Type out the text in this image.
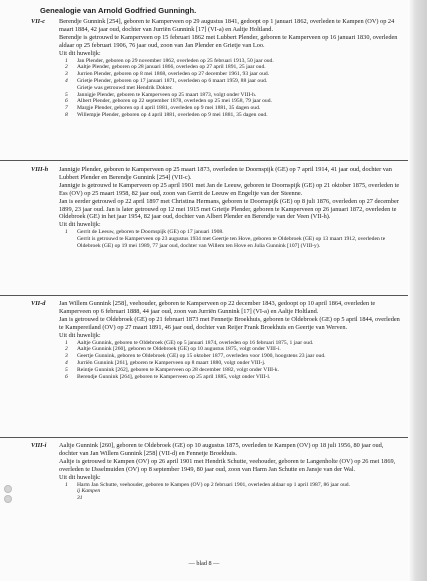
Genealogie van Arnold Godfried Gunningh.
VII-c Berendje Gunnink [254], geboren te Kamperveen op 29 augustus 1841, gedoopt op 1 januari 1862, overleden te Kampen (OV) op 24 maart 1884, 42 jaar oud, dochter van Jurriën Gunnink [17] (VI-a) en Aaltje Holtland.

Berendje is getrouwd te Kamperveen op 15 februari 1862 met Lubbert Plender, geboren te Kamperveen op 16 januari 1830, overleden aldaar op 25 februari 1906, 76 jaar oud, zoon van Jan Plender en Grietje van Loo.

Uit dit huwelijk:

1 Jan Plender, geboren op 29 november 1862, overleden op 25 februari 1913, 50 jaar oud.
2 Aaltje Plender, geboren op 28 januari 1866, overleden op 27 april 1891, 25 jaar oud.
3 Jurrien Plender, geboren op 8 mei 1868, overleden op 27 december 1961, 93 jaar oud.
4 Grietje Plender, geboren op 17 januari 1871, overleden op 6 maart 1959, 88 jaar oud.
Grietje was getrouwd met Hendrik Dokter.
5 Jannigje Plender, geboren te Kamperveen op 25 maart 1873, volgt onder VIII-h.
6 Albert Plender, geboren op 22 september 1878, overleden op 25 mei 1958, 79 jaar oud.
7 Margje Plender, geboren op 4 april 1881, overleden op 9 mei 1881, 35 dagen oud.
8 Willempje Plender, geboren op 4 april 1881, overleden op 9 mei 1881, 35 dagen oud.
VIII-h Jannigje Plender, geboren te Kamperveen op 25 maart 1873, overleden te Doornspijk (GE) op 7 april 1914, 41 jaar oud, dochter van Lubbert Plender en Berendje Gunnink [254] (VII-c).

Jannigje is getrouwd te Kamperveen op 25 april 1901 met Jan de Leeuw, geboren te Doornspijk (GE) op 21 oktober 1875, overleden te Ess (OV) op 25 maart 1958, 82 jaar oud, zoon van Gerrit de Leeuw en Engeltje van der Steenne.

Jan is eerder getrouwd op 22 april 1897 met Christina Hermans, geboren te Doornspijk (GE) op 8 juli 1876, overleden op 27 december 1899, 23 jaar oud. Jan is later getrouwd op 12 mei 1915 met Grietje Plender, geboren te Kamperveen op 26 januari 1872, overleden te Oldebroek (GE) in het jaar 1954, 82 jaar oud, dochter van Albert Plender en Berendje van der Veen (VII-h).

Uit dit huwelijk:

1 Gerrit de Leeuw, geboren te Doornspijk (GE) op 17 januari 1908.
Gerrit is getrouwd te Kamperveen op 23 augustus 1934 met Geertje ten Hove, geboren te Oldebroek (GE) op 13 maart 1912, overleden te Oldebroek (GE) op 19 mei 1989, 77 jaar oud, dochter van Willem ten Hove en Julia Gunnink [107] (VIII-y).
VII-d Jan Willem Gunnink [258], veehouder, geboren te Kamperveen op 22 december 1843, gedoopt op 10 april 1864, overleden te Kamperveen op 6 februari 1888, 44 jaar oud, zoon van Jurriën Gunnink [17] (VI-a) en Aaltje Holtland.

Jan is getrouwd te Oldebroek (GE) op 21 februari 1873 met Fennetje Broekhuis, geboren te Oldebroek (GE) op 5 april 1844, overleden te Kampereiland (OV) op 27 maart 1891, 46 jaar oud, dochter van Reijer Frank Broekhuis en Geertje van Werven.

Uit dit huwelijk:

1 Aaltje Gunnink, geboren te Oldebroek (GE) op 5 januari 1874, overleden op 16 februari 1875, 1 jaar oud.
2 Aaltje Gunnink [260], geboren te Oldebroek (GE) op 10 augustus 1875, volgt onder VIII-i.
3 Geertje Gunnink, geboren te Oldebroek (GE) op 15 oktober 1877, overleden voor 1900, hoogstens 23 jaar oud.
4 Jurriën Gunnink [261], geboren te Kamperveen op 8 maart 1880, volgt onder VIII-j.
5 Reintje Gunnink [262], geboren te Kamperveen op 28 december 1882, volgt onder VIII-k.
6 Berendje Gunnink [264], geboren te Kamperveen op 25 april 1885, volgt onder VIII-l.
VIII-i Aaltje Gunnink [260], geboren te Oldebroek (GE) op 10 augustus 1875, overleden te Kampen (OV) op 18 juli 1956, 80 jaar oud, dochter van Jan Willem Gunnink [258] (VII-d) en Fennetje Broekhuis.

Aaltje is getrouwd te Kampen (OV) op 26 april 1901 met Hendrik Schutte, veehouder, geboren te Langenholte (OV) op 26 mei 1869, overleden te IJsselmuiden (OV) op 8 september 1949, 80 jaar oud, zoon van Harm Jan Schutte en Jansje van der Wal.

Uit dit huwelijk:

1 Harm Jan Schutte, veehouder, geboren te Kampen (OV) op 2 februari 1901, overleden aldaar op 1 april 1987, 86 jaar oud.
ij Kampen
31
— blad 8 —
